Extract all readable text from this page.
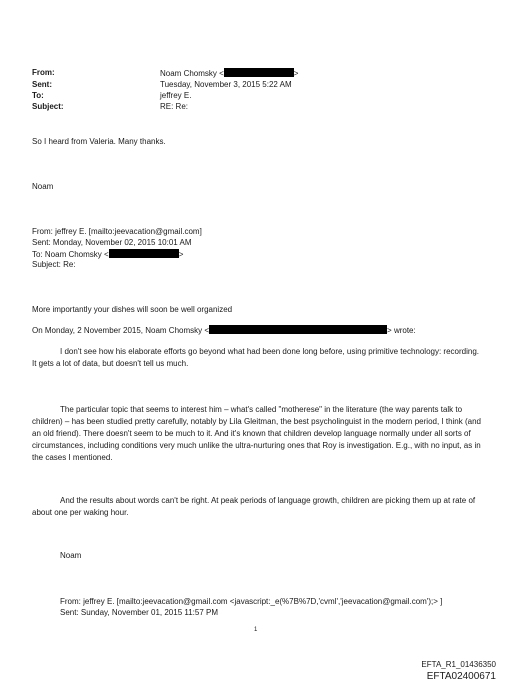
From:	Noam Chomsky <	>
Sent:	Tuesday, November 3, 2015 5:22 AM
To:	jeffrey E.
Subject:	RE: Re:
So I heard from Valeria. Many thanks.
Noam
From: jeffrey E. [mailto:jeevacation@gmail.com]
Sent: Monday, November 02, 2015 10:01 AM
To: Noam Chomsky <	>
Subject: Re:
More importantly your dishes will soon be well organized
On Monday, 2 November 2015, Noam Chomsky <	> wrote:
I don't see how his elaborate efforts go beyond what had been done long before, using primitive technology: recording. It gets a lot of data, but doesn't tell us much.
The particular topic that seems to interest him – what's called "motherese" in the literature (the way parents talk to children) – has been studied pretty carefully, notably by Lila Gleitman, the best psycholinguist in the modern period, I think (and an old friend). There doesn't seem to be much to it. And it's known that children develop language normally under all sorts of circumstances, including conditions very much unlike the ultra-nurturing ones that Roy is investigation. E.g., with no input, as in the cases I mentioned.
And the results about words can't be right. At peak periods of language growth, children are picking them up at rate of about one per waking hour.
Noam
From: jeffrey E. [mailto:jeevacation@gmail.com <javascript:_e(%7B%7D,'cvml','jeevacation@gmail.com');> ]
Sent: Sunday, November 01, 2015 11:57 PM
1
EFTA_R1_01436350
EFTA02400671
